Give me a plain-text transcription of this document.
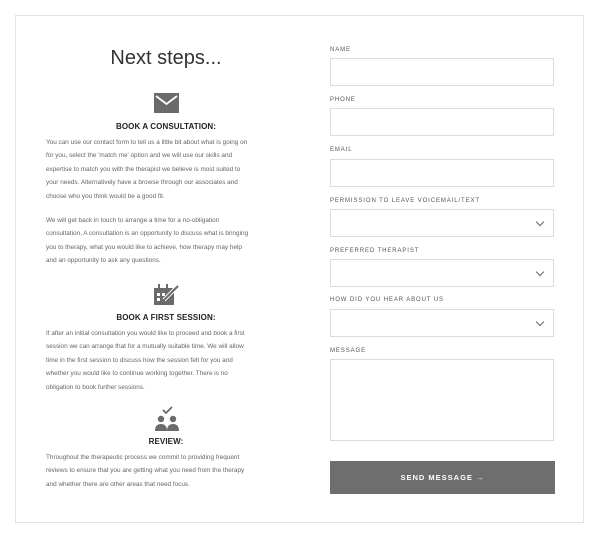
Next steps...
BOOK A CONSULTATION:

You can use our contact form to tell us a little bit about what is going on
for you, select the 'match me' option and we will use our skills and
expertise to match you with the therapist we believe is most suited to
your needs. Alternatively have a browse through our associates and
choose who you think would be a good fit.

We will get back in touch to arrange a time for a no-obligation
consultation. A consultation is an opportunity to discuss what is bringing
you to therapy, what you would like to achieve, how therapy may help
and an opportunity to ask any questions.

BOOK A FIRST SESSION:

If after an initial consultation you would like to proceed and book a first
session we can arrange that for a mutually suitable time. We will allow
time in the first session to discuss how the session felt for you and
whether you would like to continue working together. There is no
obligation to book further sessions.

REVIEW:

Throughout the therapeutic process we commit to providing frequent
reviews to ensure that you are getting what you need from the therapy
and whether there are other areas that need focus.

NAME
PHONE
EMAIL
PERMISSION TO LEAVE VOICEMAIL/TEXT
PREFERRED THERAPIST
HOW DID YOU HEAR ABOUT US
MESSAGE
SEND MESSAGE →
